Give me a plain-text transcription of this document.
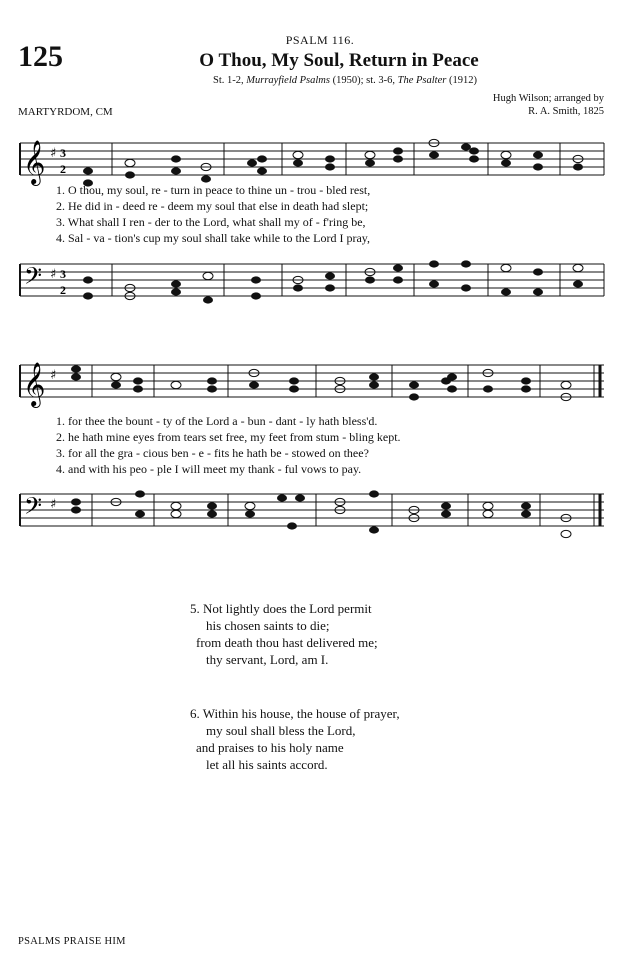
125	PSALM 116.
O Thou, My Soul, Return in Peace
St. 1-2, Murrayfield Psalms (1950); st. 3-6, The Psalter (1912)
MARTYRDOM, CM
Hugh Wilson; arranged by
R. A. Smith, 1825
𝄞 ♯ 3
2
1. O thou, my soul, re - turn in peace to thine un - trou - bled rest,
2. He did in - deed re - deem my soul that else in death had slept;
3. What shall I ren - der to the Lord, what shall my of - f'ring be,
4. Sal - va - tion's cup my soul shall take while to the Lord I pray,
𝄢 ♯ 3
2
𝄞 ♯
1. for thee the bount - ty of the Lord a - bun - dant - ly hath bless'd.
2. he hath mine eyes from tears set free, my feet from stum - bling kept.
3. for all the gra - cious ben - e - fits he hath be - stowed on thee?
4. and with his peo - ple I will meet my thank - ful vows to pay.
𝄢 ♯
5. Not lightly does the Lord permit
his chosen saints to die;
from death thou hast delivered me;
thy servant, Lord, am I.
6. Within his house, the house of prayer,
my soul shall bless the Lord,
and praises to his holy name
let all his saints accord.
PSALMS PRAISE HIM
